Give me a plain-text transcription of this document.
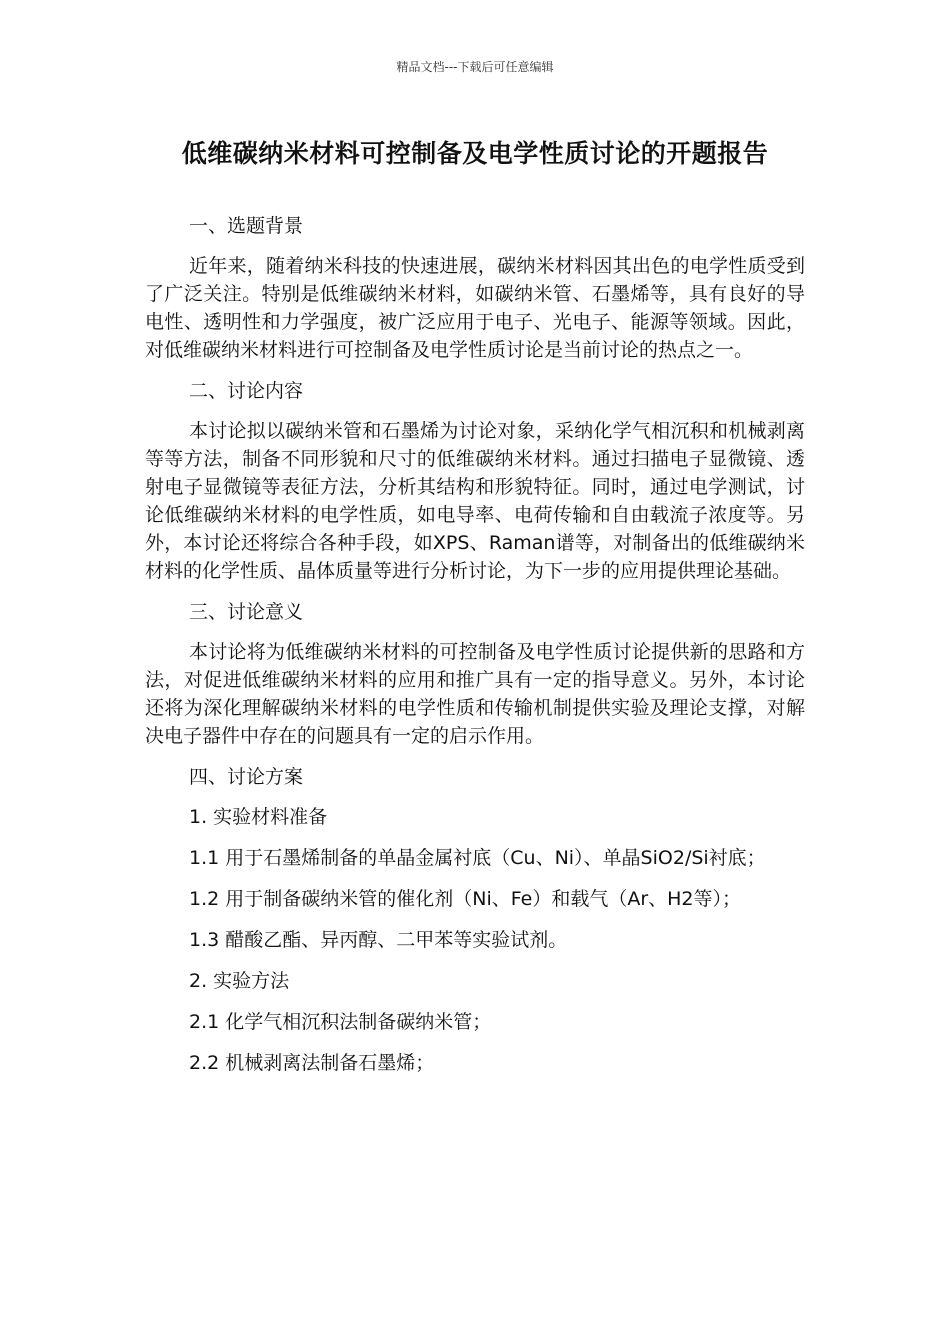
精品文档---下载后可任意编辑
低维碳纳米材料可控制备及电学性质讨论的开题报告

一、选题背景

近年来，随着纳米科技的快速进展，碳纳米材料因其出色的电学性质受到了广泛关注。特别是低维碳纳米材料，如碳纳米管、石墨烯等，具有良好的导电性、透明性和力学强度，被广泛应用于电子、光电子、能源等领域。因此，对低维碳纳米材料进行可控制备及电学性质讨论是当前讨论的热点之一。

二、讨论内容

本讨论拟以碳纳米管和石墨烯为讨论对象，采纳化学气相沉积和机械剥离等等方法，制备不同形貌和尺寸的低维碳纳米材料。通过扫描电子显微镜、透射电子显微镜等表征方法，分析其结构和形貌特征。同时，通过电学测试，讨论低维碳纳米材料的电学性质，如电导率、电荷传输和自由载流子浓度等。另外，本讨论还将综合各种手段，如XPS、Raman谱等，对制备出的低维碳纳米材料的化学性质、晶体质量等进行分析讨论，为下一步的应用提供理论基础。

三、讨论意义

本讨论将为低维碳纳米材料的可控制备及电学性质讨论提供新的思路和方法，对促进低维碳纳米材料的应用和推广具有一定的指导意义。另外，本讨论还将为深化理解碳纳米材料的电学性质和传输机制提供实验及理论支撑，对解决电子器件中存在的问题具有一定的启示作用。

四、讨论方案

1. 实验材料准备

1.1 用于石墨烯制备的单晶金属衬底（Cu、Ni）、单晶SiO2/Si衬底；

1.2 用于制备碳纳米管的催化剂（Ni、Fe）和载气（Ar、H2等）；

1.3 醋酸乙酯、异丙醇、二甲苯等实验试剂。

2. 实验方法

2.1 化学气相沉积法制备碳纳米管；

2.2 机械剥离法制备石墨烯；
